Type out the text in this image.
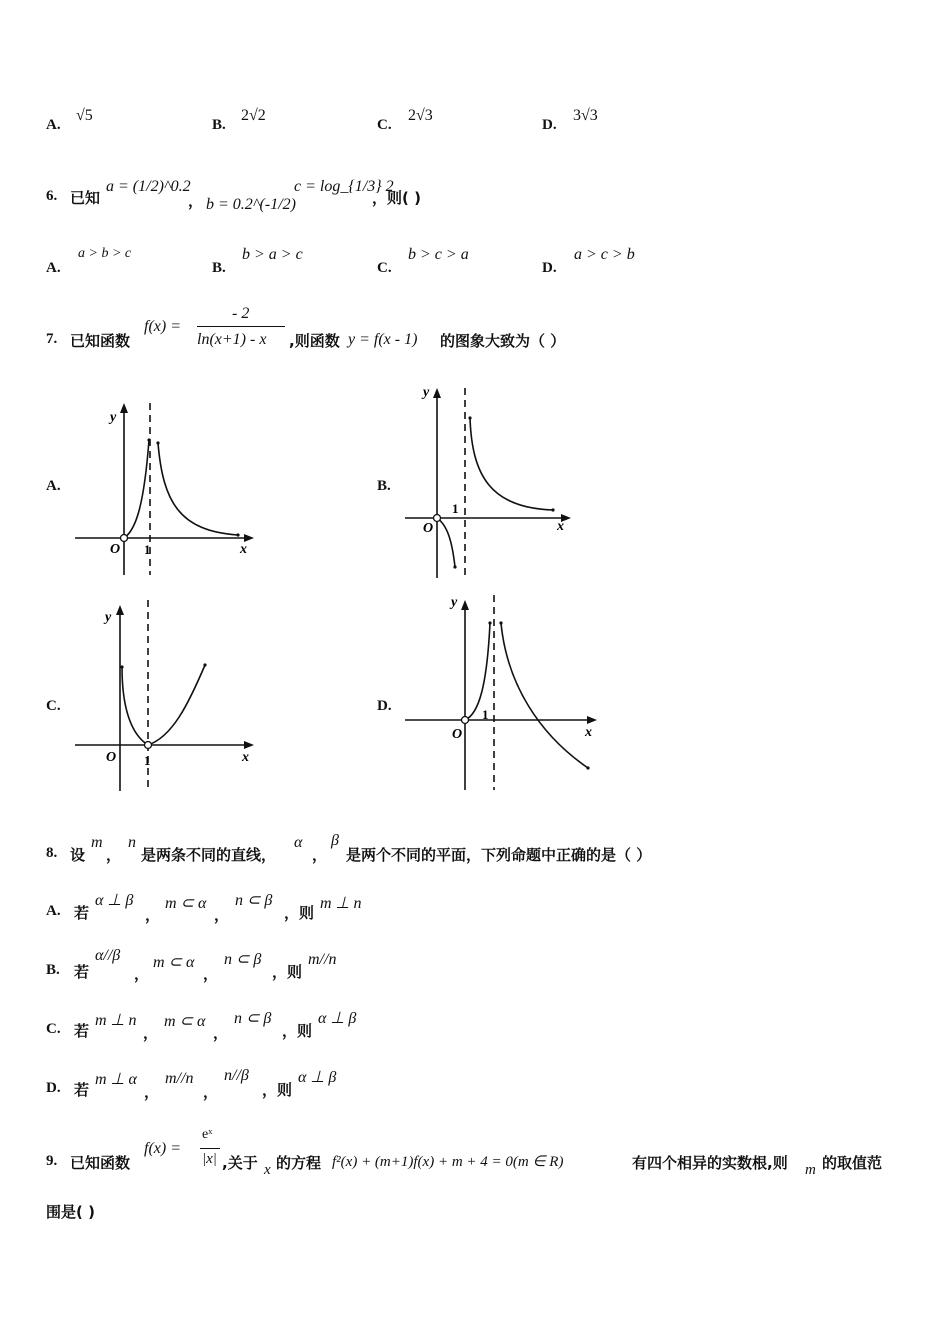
A.
√5
B.
2√2
C.
2√3
D.
3√3
6. 已知
a = (1/2)^0.2
， b = 0.2^(-1/2)
c = log_{1/3} 2
，则( )
A.
a > b > c
B.
b > a > c
C.
b > c > a
D.
a > c > b
7. 已知函数
f(x) =
- 2
ln(x+1) - x ,则函数 y = f(x - 1) 的图象大致为（ ）
A.	B.
C.	D.
y
x
O 1
y
x
O
1
y
x
O 1
y
x
O
1
8. 设
m
，
n
是两条不同的直线，
α
，
β
是两个不同的平面，下列命题中正确的是（ ）
A. 若
α ⊥ β
，
m ⊂ α
，
n ⊂ β
，则
m ⊥ n
B. 若
α//β
，
m ⊂ α
，
n ⊂ β
，则
m//n
C. 若
m ⊥ n
，
m ⊂ α
，
n ⊂ β
，则
α ⊥ β
D. 若
m ⊥ α
，
m//n
，
n//β
，则
α ⊥ β
9. 已知函数
f(x) =
eˣ
|x| ,关于 x 的方程 f²(x) + (m+1)f(x) + m + 4 = 0(m ∈ R)	有四个相异的实数根,则 m 的取值范
围是( )
